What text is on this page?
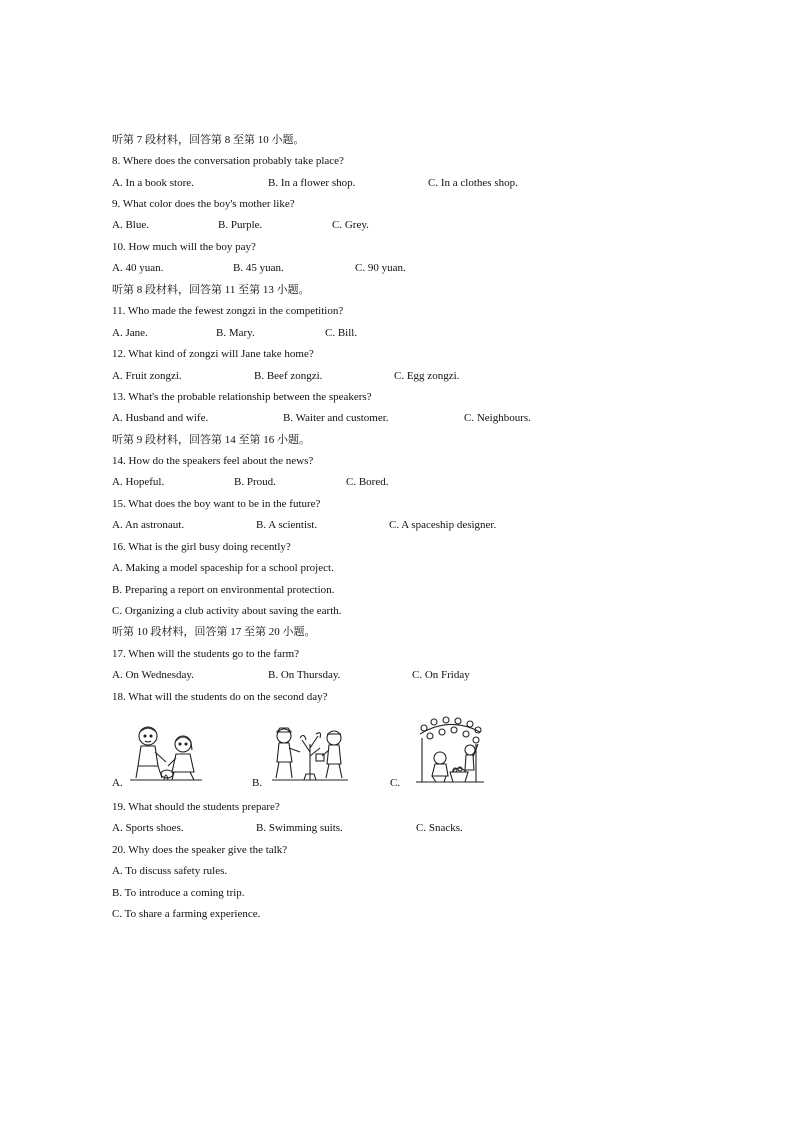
听第 7 段材料，回答第 8 至第 10 小题。
8. Where does the conversation probably take place?
A. In a book store.	B. In a flower shop.	C. In a clothes shop.
9. What color does the boy's mother like?
A. Blue.	B. Purple.	C. Grey.
10. How much will the boy pay?
A. 40 yuan.	B. 45 yuan.	C. 90 yuan.
听第 8 段材料，回答第 11 至第 13 小题。
11. Who made the fewest zongzi in the competition?
A. Jane.	B. Mary.	C. Bill.
12. What kind of zongzi will Jane take home?
A. Fruit zongzi.	B. Beef zongzi.	C. Egg zongzi.
13. What's the probable relationship between the speakers?
A. Husband and wife.	B. Waiter and customer.	C. Neighbours.
听第 9 段材料，回答第 14 至第 16 小题。
14. How do the speakers feel about the news?
A. Hopeful.	B. Proud.	C. Bored.
15. What does the boy want to be in the future?
A. An astronaut.	B. A scientist.	C. A spaceship designer.
16. What is the girl busy doing recently?
A. Making a model spaceship for a school project.
B. Preparing a report on environmental protection.
C. Organizing a club activity about saving the earth.
听第 10 段材料，回答第 17 至第 20 小题。
17. When will the students go to the farm?
A. On Wednesday.	B. On Thursday.	C. On Friday
18. What will the students do on the second day?
A.	B.	C.
19. What should the students prepare?
A. Sports shoes.	B. Swimming suits.	C. Snacks.
20. Why does the speaker give the talk?
A. To discuss safety rules.
B. To introduce a coming trip.
C. To share a farming experience.
